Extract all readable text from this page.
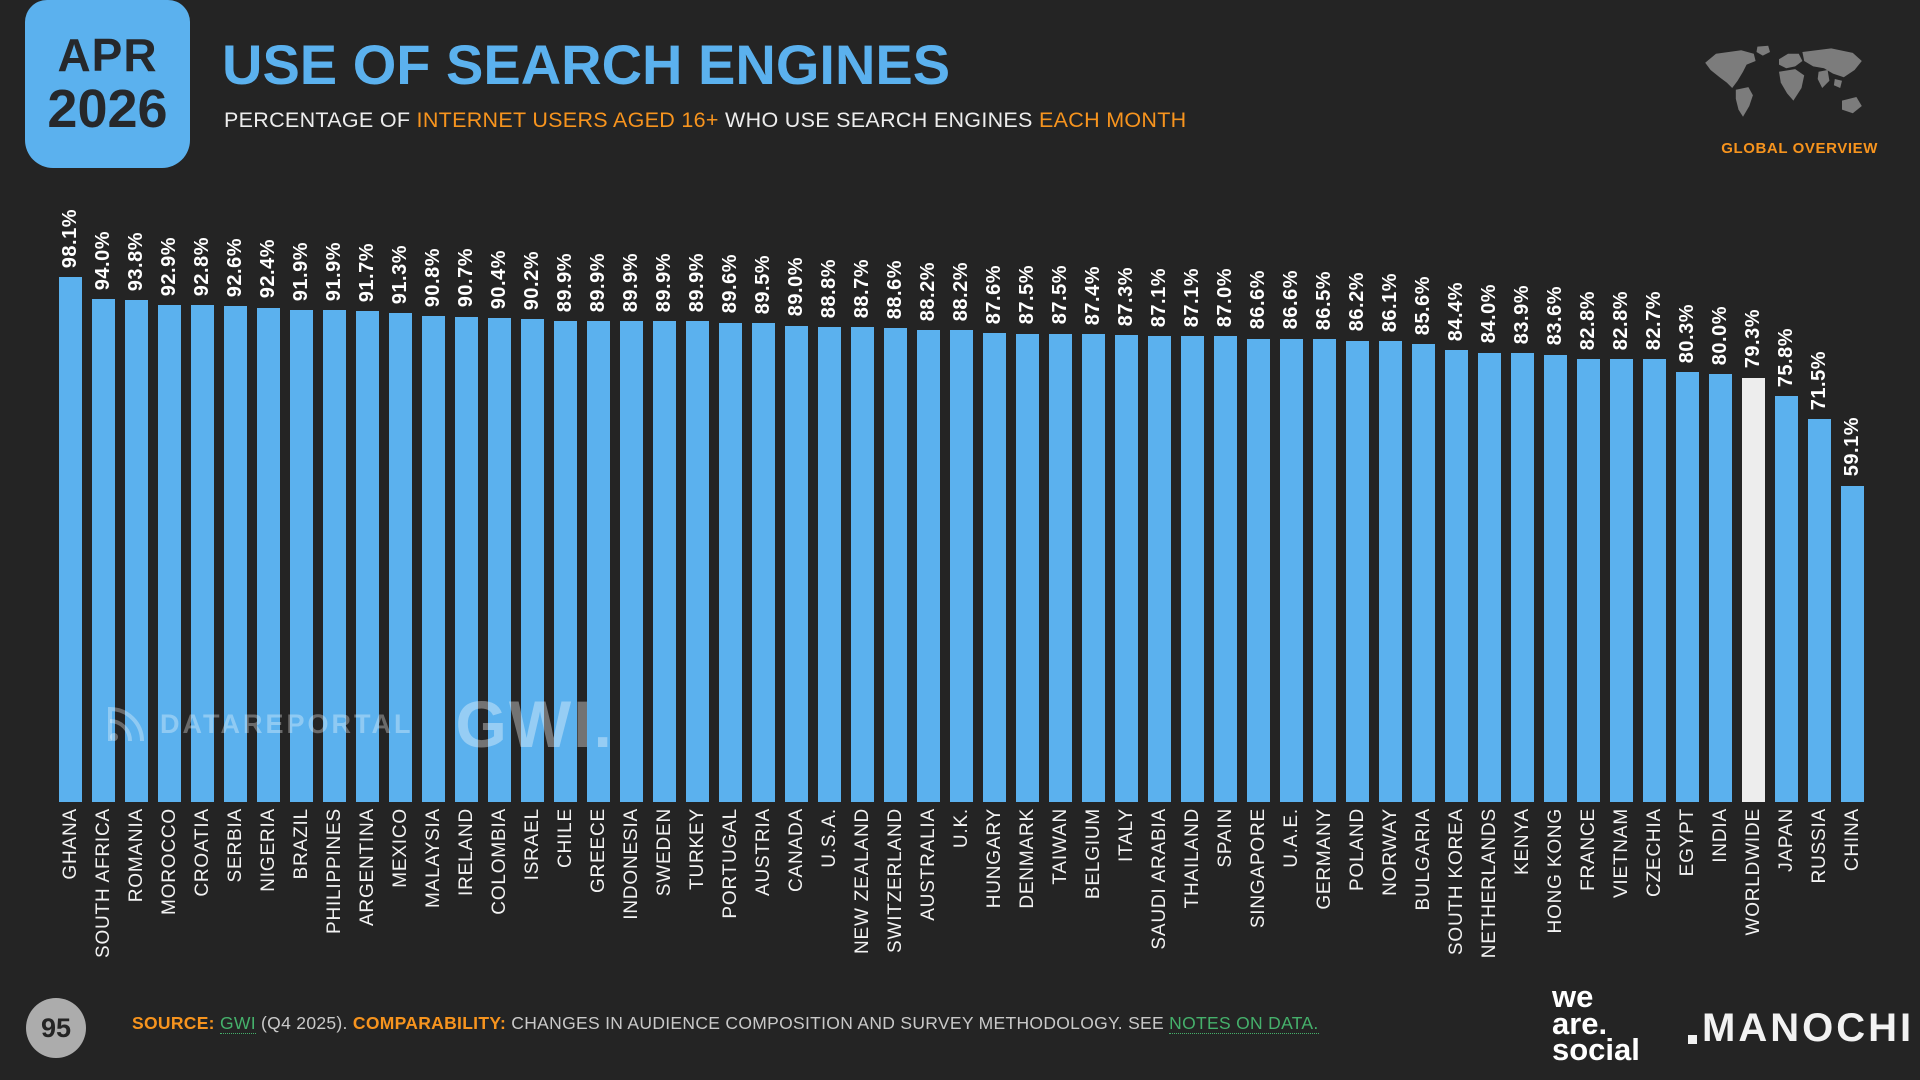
APR
2026
USE OF SEARCH ENGINES
PERCENTAGE OF INTERNET USERS AGED 16+ WHO USE SEARCH ENGINES EACH MONTH
GLOBAL OVERVIEW
98.1% 94.0% 93.8% 92.9% 92.8% 92.6% 92.4% 91.9% 91.9% 91.7% 91.3% 90.8% 90.7% 90.4% 90.2% 89.9% 89.9% 89.9% 89.9% 89.9% 89.6% 89.5% 89.0% 88.8% 88.7% 88.6% 88.2% 88.2% 87.6% 87.5% 87.5% 87.4% 87.3% 87.1% 87.1% 87.0% 86.6% 86.6% 86.5% 86.2% 86.1% 85.6% 84.4% 84.0% 83.9% 83.6% 82.8% 82.8% 82.7% 80.3% 80.0% 79.3% 75.8% 71.5%
59.1%
GHANA SOUTH AFRICA ROMANIA MOROCCO CROATIA SERBIA NIGERIA BRAZIL PHILIPPINES ARGENTINA MEXICO MALAYSIA IRELAND COLOMBIA ISRAEL CHILE GREECE INDONESIA SWEDEN TURKEY PORTUGAL AUSTRIA CANADA U.S.A. NEW ZEALAND SWITZERLAND AUSTRALIA U.K. HUNGARY DENMARK TAIWAN BELGIUM ITALY SAUDI ARABIA THAILAND SPAIN SINGAPORE U.A.E. GERMANY POLAND NORWAY BULGARIA SOUTH KOREA NETHERLANDS KENYA HONG KONG FRANCE VIETNAM CZECHIA EGYPT INDIA WORLDWIDE JAPAN RUSSIA CHINA
DATAREPORTAL GWI.
95	SOURCE: GWI (Q4 2025). COMPARABILITY: CHANGES IN AUDIENCE COMPOSITION AND SURVEY METHODOLOGY. SEE NOTES ON DATA.
we
are.
social MANOCHI
